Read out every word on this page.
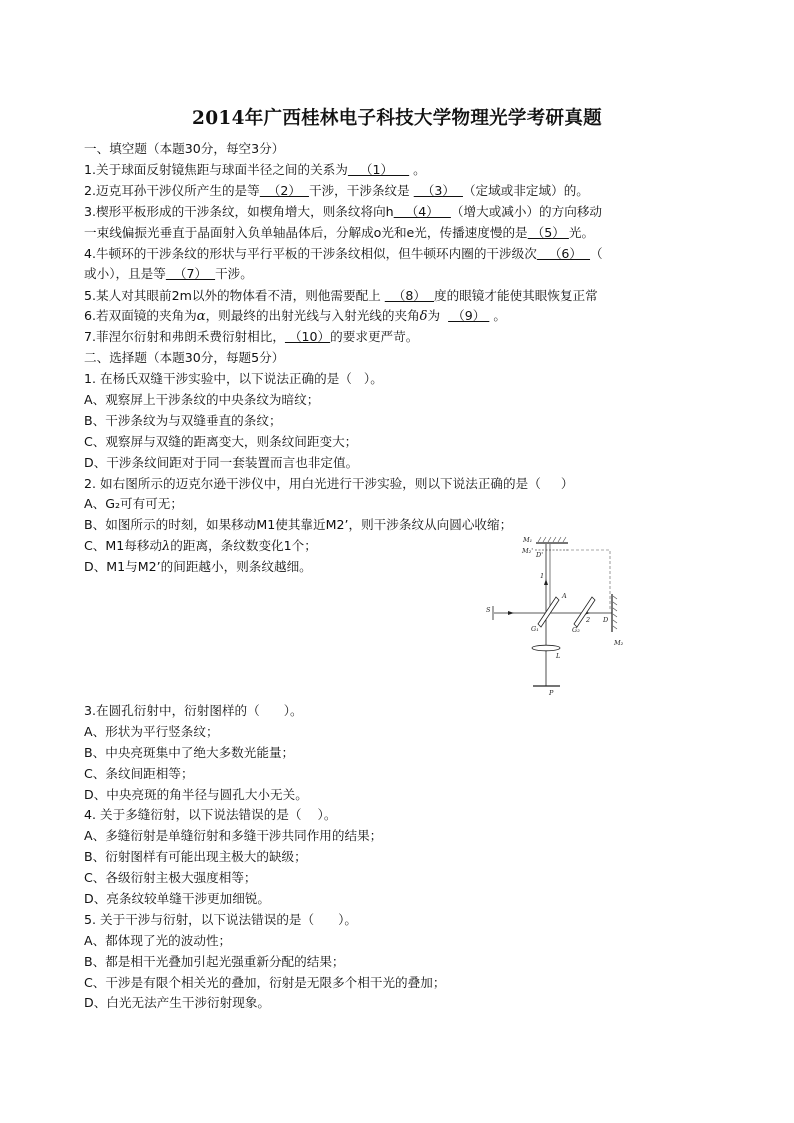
2014年广西桂林电子科技大学物理光学考研真题
一、填空题（本题30分，每空3分）
1.关于球面反射镜焦距与球面半径之间的关系为   （1）     。
2.迈克耳孙干涉仪所产生的是等  （2）  干涉，干涉条纹是   （3）  （定域或非定域）的。
3.楔形平板形成的干涉条纹，如楔角增大，则条纹将向h   （4）   （增大或减小）的方向移动
一束线偏振光垂直于晶面射入负单轴晶体后，分解成o光和e光，传播速度慢的是 （5） 光。
4.牛顿环的干涉条纹的形状与平行平板的干涉条纹相似，但牛顿环内圈的干涉级次   （6）  （
或小），且是等  （7）  干涉。
5.某人对其眼前2m以外的物体看不清，则他需要配上   （8）  度的眼镜才能使其眼恢复正常
6.若双面镜的夹角为α，则最终的出射光线与入射光线的夹角δ为   （9）  。
7.菲涅尔衍射和弗朗禾费衍射相比， （10）的要求更严苛。
二、选择题（本题30分，每题5分）
1. 在杨氏双缝干涉实验中，以下说法正确的是（   ）。
A、观察屏上干涉条纹的中央条纹为暗纹；
B、干涉条纹为与双缝垂直的条纹；
C、观察屏与双缝的距离变大，则条纹间距变大；
D、干涉条纹间距对于同一套装置而言也非定值。
2. 如右图所示的迈克尔逊干涉仪中，用白光进行干涉实验，则以下说法正确的是（     ）
A、G₂可有可无；
B、如图所示的时刻，如果移动M1使其靠近M2’，则干涉条纹从向圆心收缩；
C、M1每移动λ的距离，条纹数变化1个；
D、M1与M2’的间距越小，则条纹越细。
M₁
M₂' D'
1
A
G₁	G₂
2 D
M₂
L
P
S
3.在圆孔衍射中，衍射图样的（      ）。
A、形状为平行竖条纹；
B、中央亮斑集中了绝大多数光能量；
C、条纹间距相等；
D、中央亮斑的角半径与圆孔大小无关。
4. 关于多缝衍射，以下说法错误的是（    ）。
A、多缝衍射是单缝衍射和多缝干涉共同作用的结果；
B、衍射图样有可能出现主极大的缺级；
C、各级衍射主极大强度相等；
D、亮条纹较单缝干涉更加细锐。
5. 关于干涉与衍射，以下说法错误的是（      ）。
A、都体现了光的波动性；
B、都是相干光叠加引起光强重新分配的结果；
C、干涉是有限个相关光的叠加，衍射是无限多个相干光的叠加；
D、白光无法产生干涉衍射现象。
